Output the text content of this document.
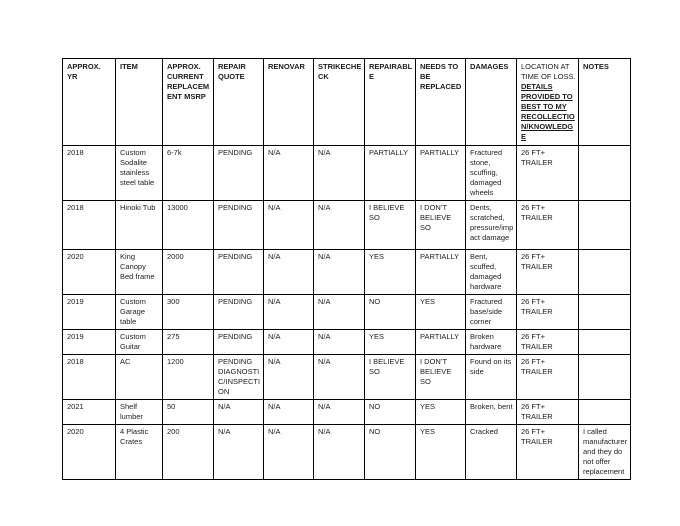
APPROX. YR	ITEM	APPROX. CURRENT REPLACEMENT MSRP	REPAIR QUOTE	RENOVAR	STRIKECHECK	REPAIRABLE	NEEDS TO BE REPLACED	DAMAGES	LOCATION AT TIME OF LOSS. DETAILS PROVIDED TO BEST TO MY RECOLLECTION/KNOWLEDGE	NOTES
2018	Custom Sodalite stainless steel table	6-7k	PENDING	N/A	N/A	PARTIALLY	PARTIALLY	Fractured stone, scuffing, damaged wheels	26 FT+ TRAILER	
2018	Hinoki Tub	13000	PENDING	N/A	N/A	I BELIEVE SO	I DON’T BELIEVE SO	Dents, scratched, pressure/impact damage	26 FT+ TRAILER	
2020	King Canopy Bed frame	2000	PENDING	N/A	N/A	YES	PARTIALLY	Bent, scuffed, damaged hardware	26 FT+ TRAILER	
2019	Custom Garage table	300	PENDING	N/A	N/A	NO	YES	Fractured base/side corner	26 FT+ TRAILER	
2019	Custom Guitar	275	PENDING	N/A	N/A	YES	PARTIALLY	Broken hardware	26 FT+ TRAILER	
2018	AC	1200	PENDING DIAGNOSTIC/INSPECTION	N/A	N/A	I BELIEVE SO	I DON’T BELIEVE SO	Found on its side	26 FT+ TRAILER	
2021	Shelf lumber	50	N/A	N/A	N/A	NO	YES	Broken, bent	26 FT+ TRAILER	
2020	4 Plastic Crates	200	N/A	N/A	N/A	NO	YES	Cracked	26 FT+ TRAILER	I called manufacturer and they do not offer replacement
